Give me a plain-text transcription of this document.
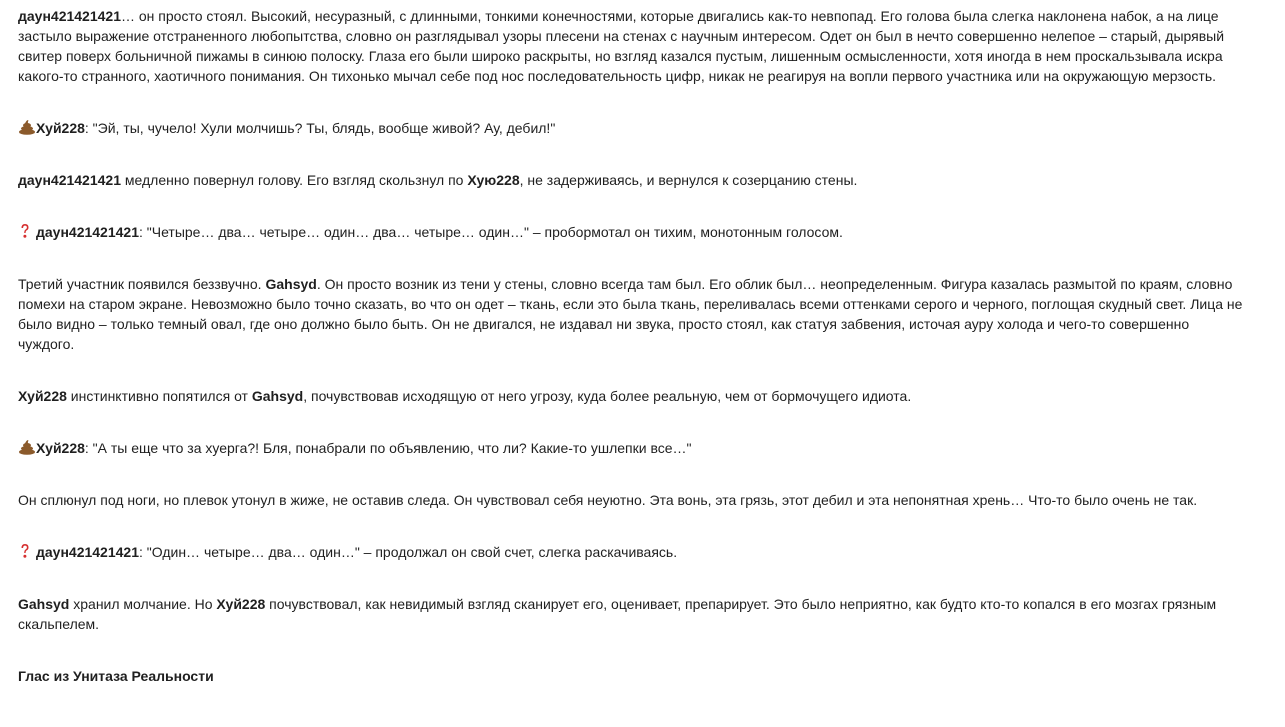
даун421421421… он просто стоял. Высокий, несуразный, с длинными, тонкими конечностями, которые двигались как-то невпопад. Его голова была слегка наклонена набок, а на лице застыло выражение отстраненного любопытства, словно он разглядывал узоры плесени на стенах с научным интересом. Одет он был в нечто совершенно нелепое – старый, дырявый свитер поверх больничной пижамы в синюю полоску. Глаза его были широко раскрыты, но взгляд казался пустым, лишенным осмысленности, хотя иногда в нем проскальзывала искра какого-то странного, хаотичного понимания. Он тихонько мычал себе под нос последовательность цифр, никак не реагируя на вопли первого участника или на окружающую мерзость.

Хуй228: "Эй, ты, чучело! Хули молчишь? Ты, блядь, вообще живой? Ау, дебил!"

даун421421421 медленно повернул голову. Его взгляд скользнул по Хую228, не задерживаясь, и вернулся к созерцанию стены.

даун421421421: "Четыре… два… четыре… один… два… четыре… один…" – пробормотал он тихим, монотонным голосом.

Третий участник появился беззвучно. Gahsyd. Он просто возник из тени у стены, словно всегда там был. Его облик был… неопределенным. Фигура казалась размытой по краям, словно помехи на старом экране. Невозможно было точно сказать, во что он одет – ткань, если это была ткань, переливалась всеми оттенками серого и черного, поглощая скудный свет. Лица не было видно – только темный овал, где оно должно было быть. Он не двигался, не издавал ни звука, просто стоял, как статуя забвения, источая ауру холода и чего-то совершенно чуждого.

Хуй228 инстинктивно попятился от Gahsyd, почувствовав исходящую от него угрозу, куда более реальную, чем от бормочущего идиота.

Хуй228: "А ты еще что за хуерга?! Бля, понабрали по объявлению, что ли? Какие-то ушлепки все…"

Он сплюнул под ноги, но плевок утонул в жиже, не оставив следа. Он чувствовал себя неуютно. Эта вонь, эта грязь, этот дебил и эта непонятная хрень… Что-то было очень не так.

даун421421421: "Один… четыре… два… один…" – продолжал он свой счет, слегка раскачиваясь.

Gahsyd хранил молчание. Но Хуй228 почувствовал, как невидимый взгляд сканирует его, оценивает, препарирует. Это было неприятно, как будто кто-то копался в его мозгах грязным скальпелем.

Глас из Унитаза Реальности
